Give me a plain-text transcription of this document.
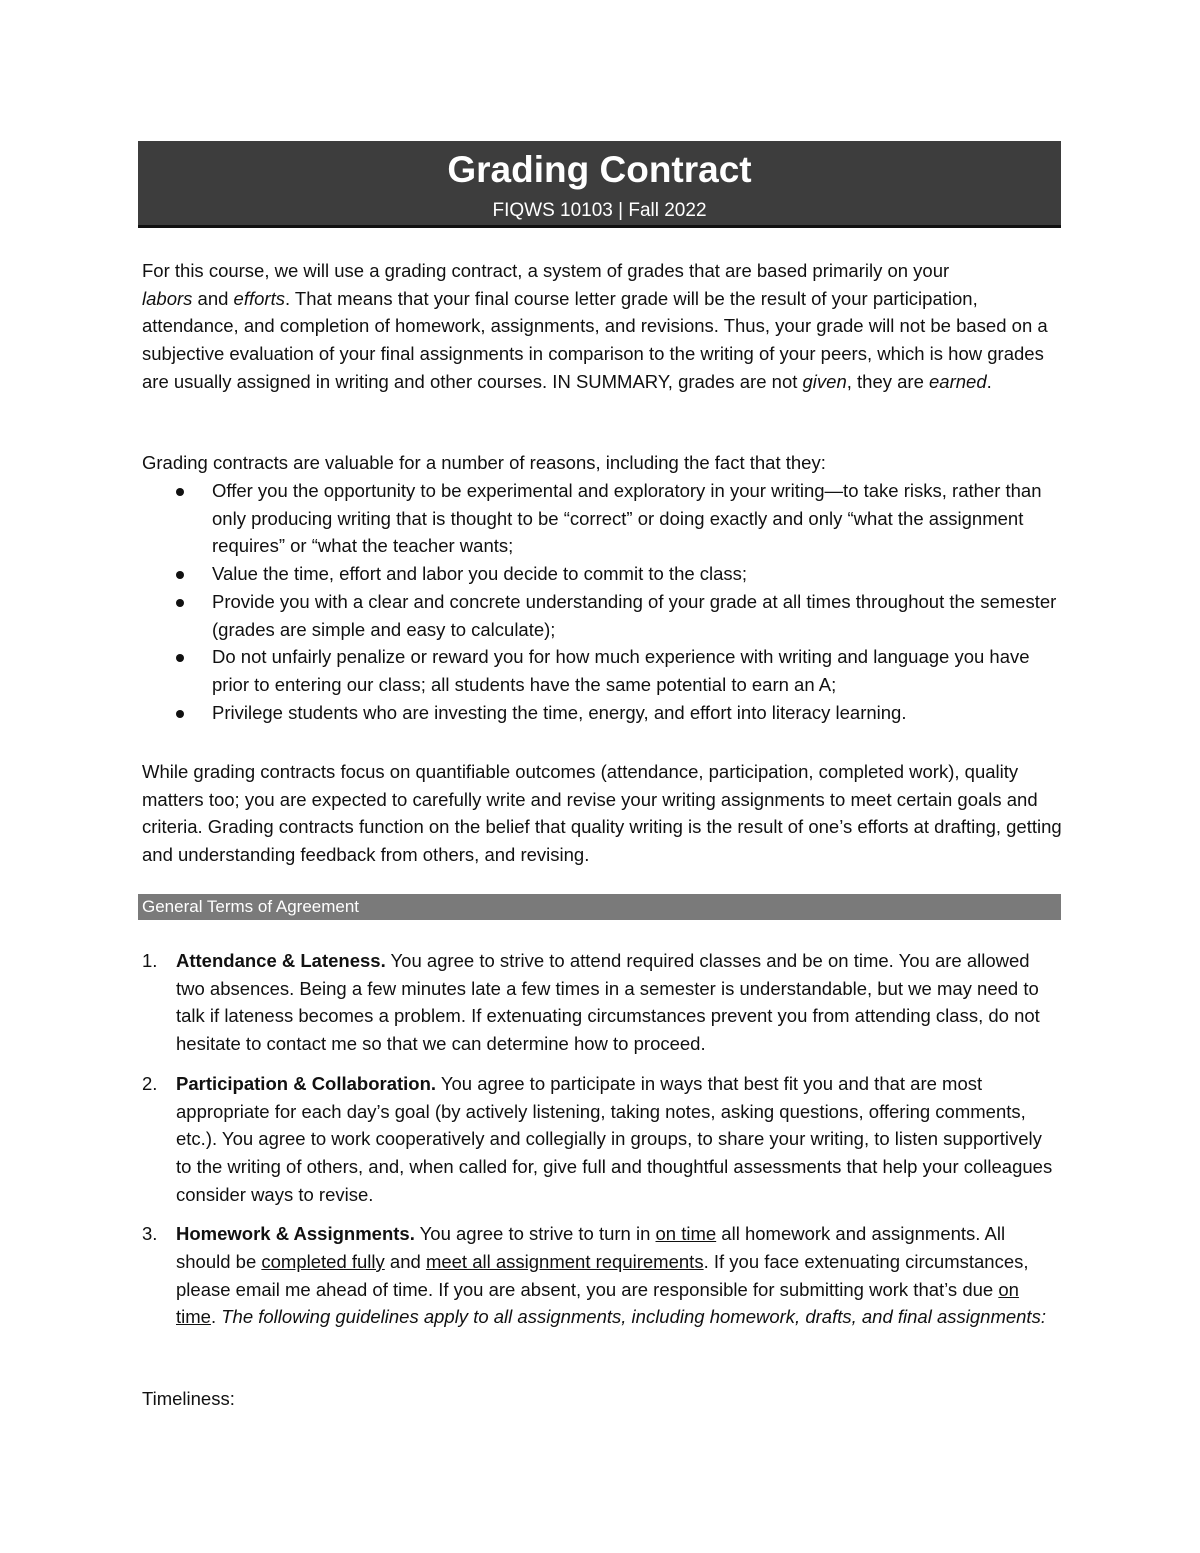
Grading Contract
FIQWS 10103 | Fall 2022

For this course, we will use a grading contract, a system of grades that are based primarily on your
labors and efforts. That means that your final course letter grade will be the result of your participation, attendance, and completion of homework, assignments, and revisions. Thus, your grade will not be based on a subjective evaluation of your final assignments in comparison to the writing of your peers, which is how grades are usually assigned in writing and other courses. IN SUMMARY, grades are not given, they are earned.

Grading contracts are valuable for a number of reasons, including the fact that they:

Offer you the opportunity to be experimental and exploratory in your writing—to take risks, rather than only producing writing that is thought to be “correct” or doing exactly and only “what the assignment requires” or “what the teacher wants;
Value the time, effort and labor you decide to commit to the class;
Provide you with a clear and concrete understanding of your grade at all times throughout the semester (grades are simple and easy to calculate);
Do not unfairly penalize or reward you for how much experience with writing and language you have prior to entering our class; all students have the same potential to earn an A;
Privilege students who are investing the time, energy, and effort into literacy learning.

While grading contracts focus on quantifiable outcomes (attendance, participation, completed work), quality matters too; you are expected to carefully write and revise your writing assignments to meet certain goals and criteria. Grading contracts function on the belief that quality writing is the result of one’s efforts at drafting, getting and understanding feedback from others, and revising.

General Terms of Agreement
1. Attendance & Lateness. You agree to strive to attend required classes and be on time. You are allowed two absences. Being a few minutes late a few times in a semester is understandable, but we may need to talk if lateness becomes a problem. If extenuating circumstances prevent you from attending class, do not hesitate to contact me so that we can determine how to proceed.
2. Participation & Collaboration. You agree to participate in ways that best fit you and that are most appropriate for each day’s goal (by actively listening, taking notes, asking questions, offering comments, etc.). You agree to work cooperatively and collegially in groups, to share your writing, to listen supportively to the writing of others, and, when called for, give full and thoughtful assessments that help your colleagues consider ways to revise.
3. Homework & Assignments. You agree to strive to turn in on time all homework and assignments. All should be completed fully and meet all assignment requirements. If you face extenuating circumstances, please email me ahead of time. If you are absent, you are responsible for submitting work that’s due on time. The following guidelines apply to all assignments, including homework, drafts, and final assignments:
Timeliness:
